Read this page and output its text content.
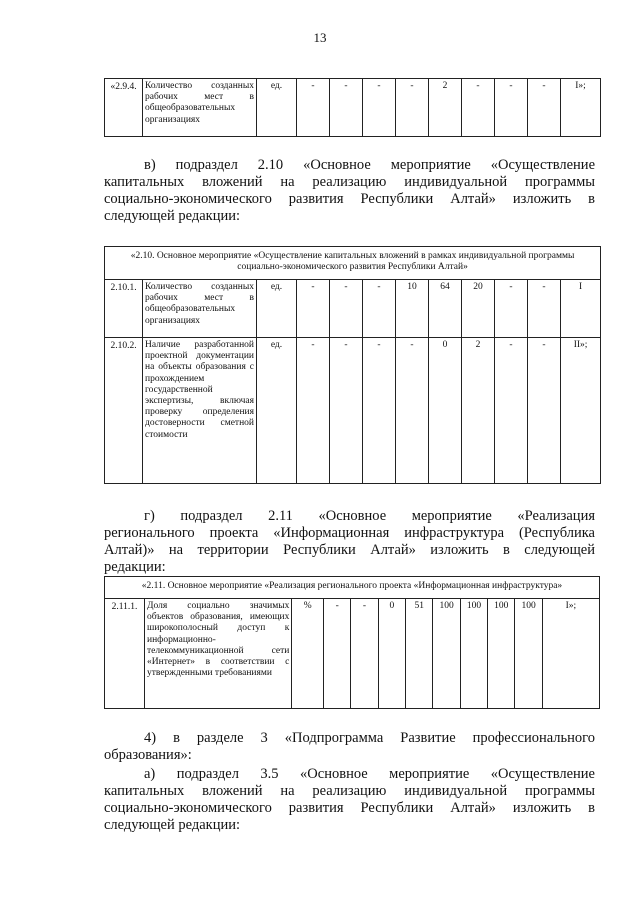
13
«2.9.4.	Количество созданных рабочих мест в общеобразовательных организациях	ед.	-	-	-	-	2	-	-	-	I»;
в) подраздел 2.10 «Основное мероприятие «Осуществление
капитальных вложений на реализацию индивидуальной программы
социально-экономического развития Республики Алтай» изложить в
следующей редакции:
«2.10. Основное мероприятие «Осуществление капитальных вложений в рамках индивидуальной программы социально-экономического развития Республики Алтай»											
2.10.1.	Количество созданных рабочих мест в общеобразовательных организациях	ед.	-	-	-	10	64	20	-	-	I
2.10.2.	Наличие разработанной проектной документации на объекты образования с прохождением государственной экспертизы, включая проверку определения достоверности сметной стоимости	ед.	-	-	-	-	0	2	-	-	II»;
г) подраздел 2.11 «Основное мероприятие «Реализация
регионального проекта «Информационная инфраструктура (Республика
Алтай)» на территории Республики Алтай» изложить в следующей
редакции:
«2.11. Основное мероприятие «Реализация регионального проекта «Информационная инфраструктура»
2.11.1.	Доля социально значимых объектов образования, имеющих широкополосный доступ к информационно-телекоммуникационной сети «Интернет» в соответствии с утвержденными требованиями	%	-	-	0	51	100	100	100	100	I»;
4) в разделе 3 «Подпрограмма Развитие профессионального
образования»:
а) подраздел 3.5 «Основное мероприятие «Осуществление
капитальных вложений на реализацию индивидуальной программы
социально-экономического развития Республики Алтай» изложить в
следующей редакции:
